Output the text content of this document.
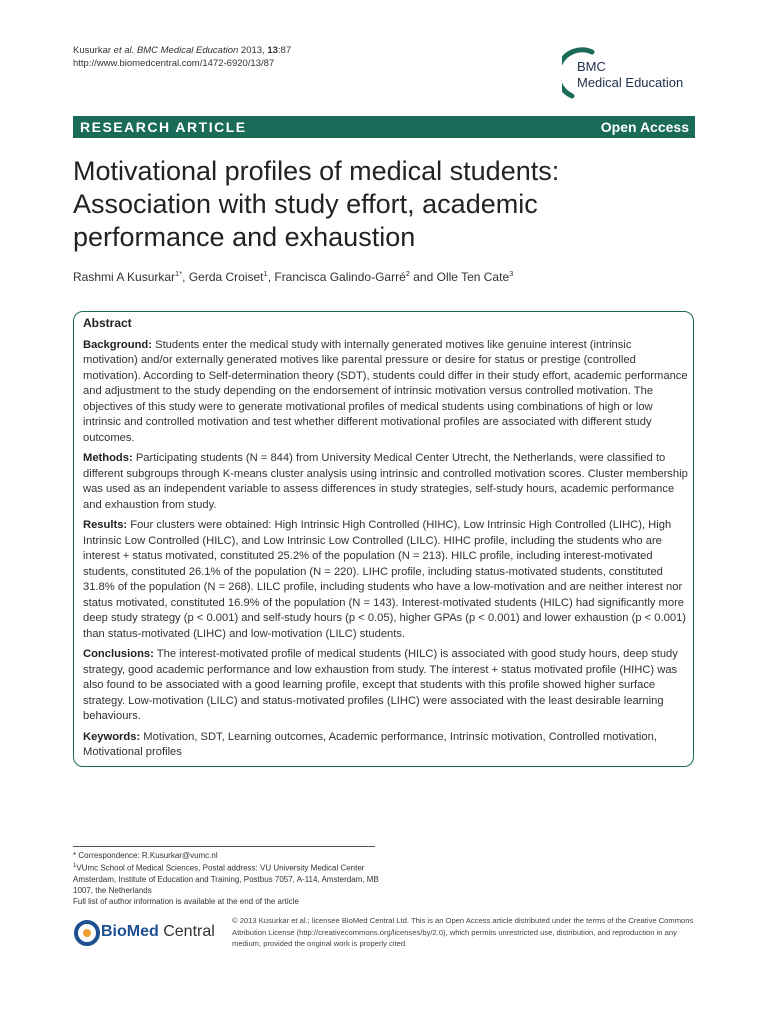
Kusurkar et al. BMC Medical Education 2013, 13:87
http://www.biomedcentral.com/1472-6920/13/87	BMC
Medical Education
RESEARCH ARTICLE	Open Access
Motivational profiles of medical students: Association with study effort, academic performance and exhaustion
Rashmi A Kusurkar$^{1*}$, Gerda Croiset$^1$, Francisca Galindo-Garré$^2$ and Olle Ten Cate$^3$
Abstract

Background: Students enter the medical study with internally generated motives like genuine interest (intrinsic motivation) and/or externally generated motives like parental pressure or desire for status or prestige (controlled motivation). According to Self-determination theory (SDT), students could differ in their study effort, academic performance and adjustment to the study depending on the endorsement of intrinsic motivation versus controlled motivation. The objectives of this study were to generate motivational profiles of medical students using combinations of high or low intrinsic and controlled motivation and test whether different motivational profiles are associated with different study outcomes.

Methods: Participating students (N = 844) from University Medical Center Utrecht, the Netherlands, were classified to different subgroups through K-means cluster analysis using intrinsic and controlled motivation scores. Cluster membership was used as an independent variable to assess differences in study strategies, self-study hours, academic performance and exhaustion from study.

Results: Four clusters were obtained: High Intrinsic High Controlled (HIHC), Low Intrinsic High Controlled (LIHC), High Intrinsic Low Controlled (HILC), and Low Intrinsic Low Controlled (LILC). HIHC profile, including the students who are interest + status motivated, constituted 25.2% of the population (N = 213). HILC profile, including interest-motivated students, constituted 26.1% of the population (N = 220). LIHC profile, including status-motivated students, constituted 31.8% of the population (N = 268). LILC profile, including students who have a low-motivation and are neither interest nor status motivated, constituted 16.9% of the population (N = 143). Interest-motivated students (HILC) had significantly more deep study strategy (p < 0.001) and self-study hours (p < 0.05), higher GPAs (p < 0.001) and lower exhaustion (p < 0.001) than status-motivated (LIHC) and low-motivation (LILC) students.

Conclusions: The interest-motivated profile of medical students (HILC) is associated with good study hours, deep study strategy, good academic performance and low exhaustion from study. The interest + status motivated profile (HIHC) was also found to be associated with a good learning profile, except that students with this profile showed higher surface strategy. Low-motivation (LILC) and status-motivated profiles (LIHC) were associated with the least desirable learning behaviours.

Keywords: Motivation, SDT, Learning outcomes, Academic performance, Intrinsic motivation, Controlled motivation, Motivational profiles

* Correspondence: R.Kusurkar@vumc.nl
$^1$VUmc School of Medical Sciences, Postal address: VU University Medical Center Amsterdam, Institute of Education and Training, Postbus 7057, A-114, Amsterdam, MB 1007, the Netherlands
Full list of author information is available at the end of the article
BioMed Central
© 2013 Kusurkar et al.; licensee BioMed Central Ltd. This is an Open Access article distributed under the terms of the Creative Commons Attribution License (http://creativecommons.org/licenses/by/2.0), which permits unrestricted use, distribution, and reproduction in any medium, provided the original work is properly cited.
